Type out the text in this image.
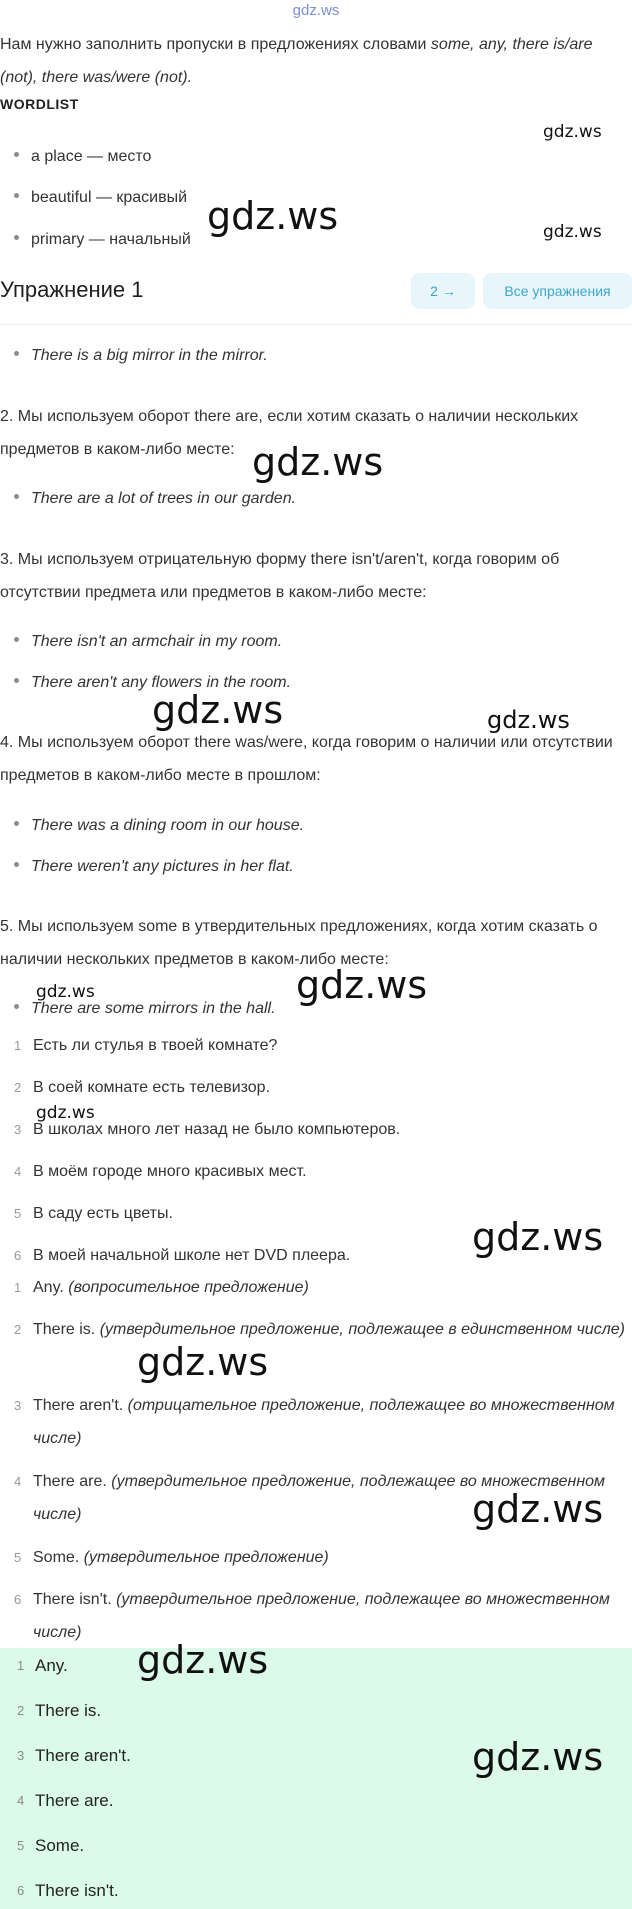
gdz.ws
Нам нужно заполнить пропуски в предложениях словами some, any, there is/are (not), there was/were (not).
WORDLIST
a place — место
beautiful — красивый
primary — начальный
Упражнение 1	2 →	Все упражнения
There is a big mirror in the mirror.
2. Мы используем оборот there are, если хотим сказать о наличии нескольких предметов в каком-либо месте:
There are a lot of trees in our garden.
3. Мы используем отрицательную форму there isn't/aren't, когда говорим об отсутствии предмета или предметов в каком-либо месте:
There isn't an armchair in my room.
There aren't any flowers in the room.
4. Мы используем оборот there was/were, когда говорим о наличии или отсутствии предметов в каком-либо месте в прошлом:
There was a dining room in our house.
There weren't any pictures in her flat.
5. Мы используем some в утвердительных предложениях, когда хотим сказать о наличии нескольких предметов в каком-либо месте:
There are some mirrors in the hall.
1 Есть ли стулья в твоей комнате?
2 В соей комнате есть телевизор.
3 В школах много лет назад не было компьютеров.
4 В моём городе много красивых мест.
5 В саду есть цветы.
6 В моей начальной школе нет DVD плеера.
1 Any. (вопросительное предложение)
2 There is. (утвердительное предложение, подлежащее в единственном числе)
3 There aren't. (отрицательное предложение, подлежащее во множественном числе)
4 There are. (утвердительное предложение, подлежащее во множественном числе)
5 Some. (утвердительное предложение)
6 There isn't. (утвердительное предложение, подлежащее во множественном числе)
1 Any.
2 There is.
3 There aren't.
4 There are.
5 Some.
6 There isn't.
gdz.ws
gdz.ws	gdz.ws
gdz.ws
gdz.ws	gdz.ws
gdz.ws	gdz.ws
gdz.ws
gdz.ws
gdz.ws
gdz.ws
gdz.ws
gdz.ws
